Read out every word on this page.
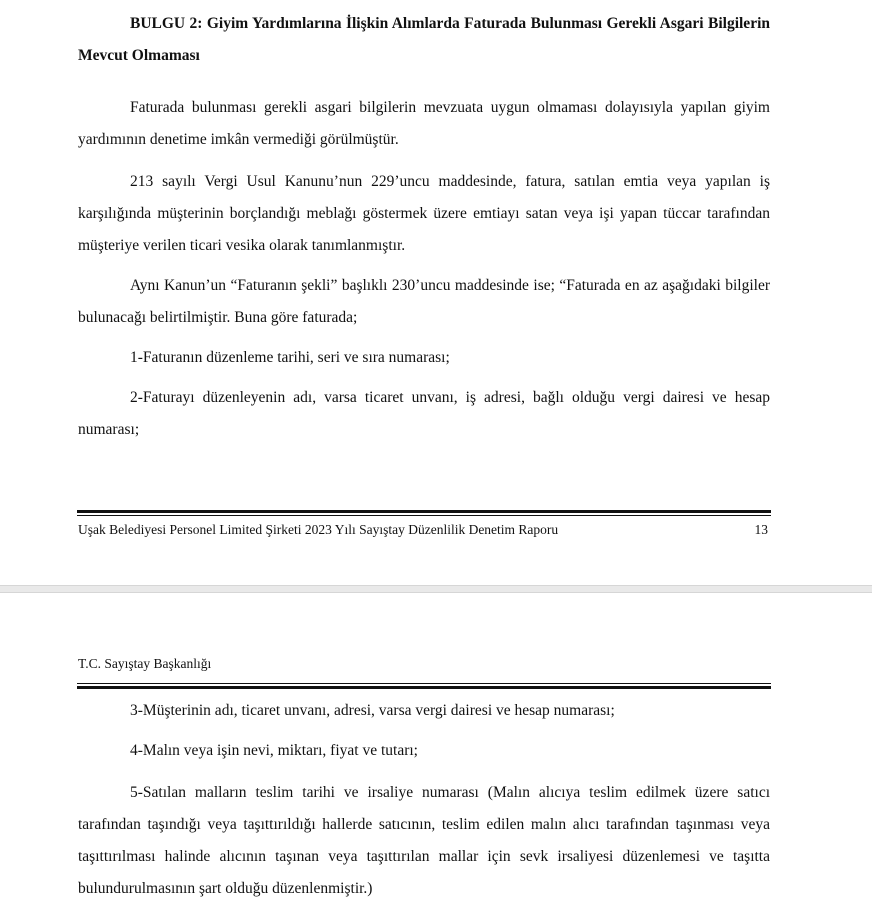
BULGU 2: Giyim Yardımlarına İlişkin Alımlarda Faturada Bulunması Gerekli Asgari Bilgilerin Mevcut Olmaması
Faturada bulunması gerekli asgari bilgilerin mevzuata uygun olmaması dolayısıyla yapılan giyim yardımının denetime imkân vermediği görülmüştür.
213 sayılı Vergi Usul Kanunu’nun 229’uncu maddesinde, fatura, satılan emtia veya yapılan iş karşılığında müşterinin borçlandığı meblağı göstermek üzere emtiayı satan veya işi yapan tüccar tarafından müşteriye verilen ticari vesika olarak tanımlanmıştır.
Aynı Kanun’un “Faturanın şekli” başlıklı 230’uncu maddesinde ise; “Faturada en az aşağıdaki bilgiler bulunacağı belirtilmiştir. Buna göre faturada;
1-Faturanın düzenleme tarihi, seri ve sıra numarası;
2-Faturayı düzenleyenin adı, varsa ticaret unvanı, iş adresi, bağlı olduğu vergi dairesi ve hesap numarası;
Uşak Belediyesi Personel Limited Şirketi 2023 Yılı Sayıştay Düzenlilik Denetim Raporu	13
T.C. Sayıştay Başkanlığı
3-Müşterinin adı, ticaret unvanı, adresi, varsa vergi dairesi ve hesap numarası;
4-Malın veya işin nevi, miktarı, fiyat ve tutarı;
5-Satılan malların teslim tarihi ve irsaliye numarası (Malın alıcıya teslim edilmek üzere satıcı tarafından taşındığı veya taşıttırıldığı hallerde satıcının, teslim edilen malın alıcı tarafından taşınması veya taşıttırılması halinde alıcının taşınan veya taşıttırılan mallar için sevk irsaliyesi düzenlemesi ve taşıtta bulundurulmasının şart olduğu düzenlenmiştir.)
